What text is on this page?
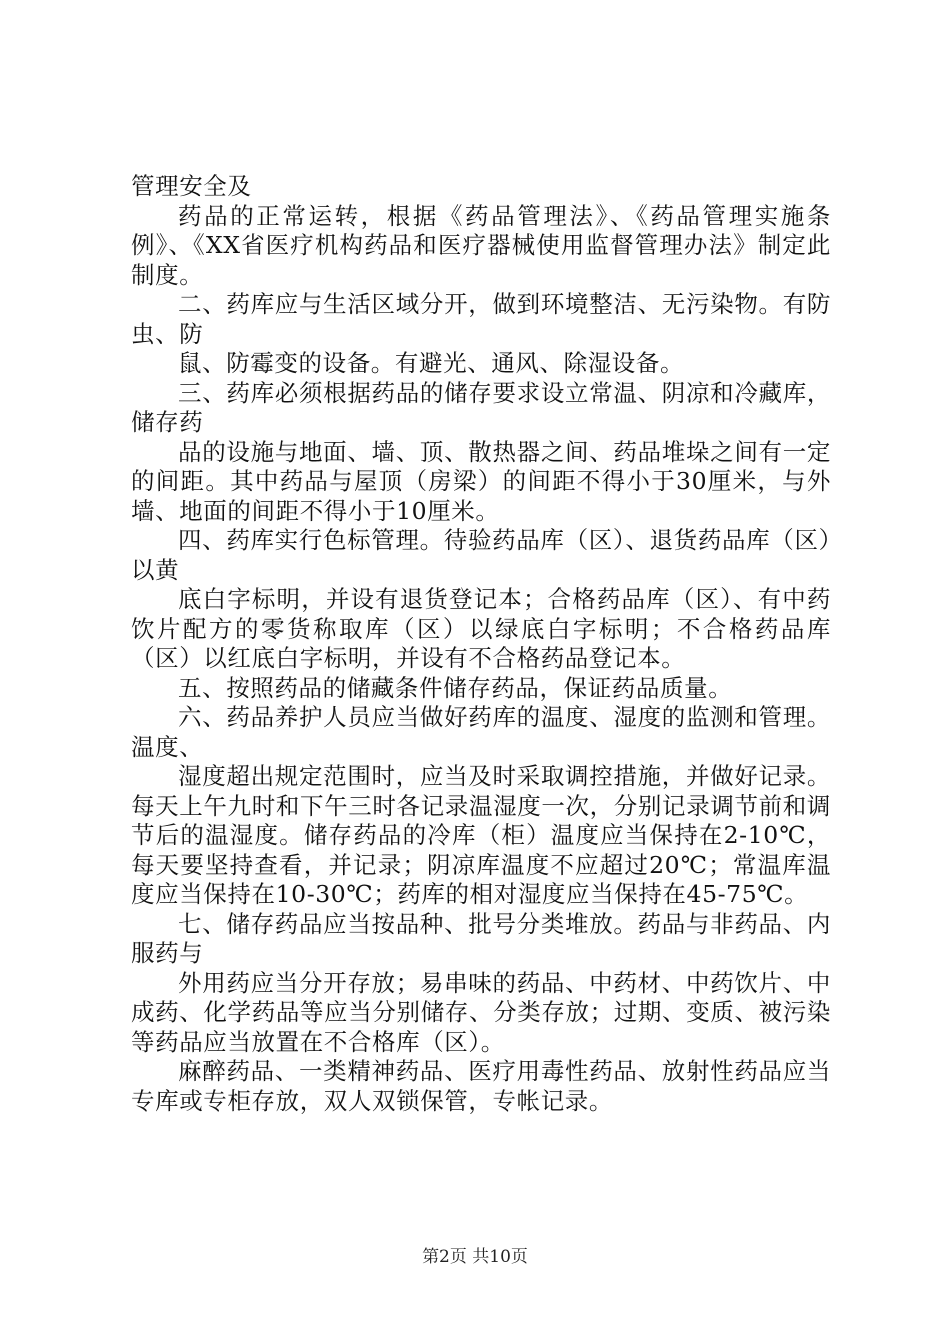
管理安全及

药品的正常运转，根据《药品管理法》、《药品管理实施条例》、《XX省医疗机构药品和医疗器械使用监督管理办法》制定此制度。

二、药库应与生活区域分开，做到环境整洁、无污染物。有防虫、防

鼠、防霉变的设备。有避光、通风、除湿设备。

三、药库必须根据药品的储存要求设立常温、阴凉和冷藏库，储存药

品的设施与地面、墙、顶、散热器之间、药品堆垛之间有一定的间距。其中药品与屋顶（房梁）的间距不得小于30厘米，与外墙、地面的间距不得小于10厘米。

四、药库实行色标管理。待验药品库（区）、退货药品库（区）以黄

底白字标明，并设有退货登记本；合格药品库（区）、有中药饮片配方的零货称取库（区）以绿底白字标明；不合格药品库（区）以红底白字标明，并设有不合格药品登记本。

五、按照药品的储藏条件储存药品，保证药品质量。

六、药品养护人员应当做好药库的温度、湿度的监测和管理。温度、

湿度超出规定范围时，应当及时采取调控措施，并做好记录。每天上午九时和下午三时各记录温湿度一次，分别记录调节前和调节后的温湿度。储存药品的冷库（柜）温度应当保持在2-10℃，每天要坚持查看，并记录；阴凉库温度不应超过20℃；常温库温度应当保持在10-30℃；药库的相对湿度应当保持在45-75℃。

七、储存药品应当按品种、批号分类堆放。药品与非药品、内服药与

外用药应当分开存放；易串味的药品、中药材、中药饮片、中成药、化学药品等应当分别储存、分类存放；过期、变质、被污染等药品应当放置在不合格库（区）。

麻醉药品、一类精神药品、医疗用毒性药品、放射性药品应当专库或专柜存放，双人双锁保管，专帐记录。

第2页 共10页
